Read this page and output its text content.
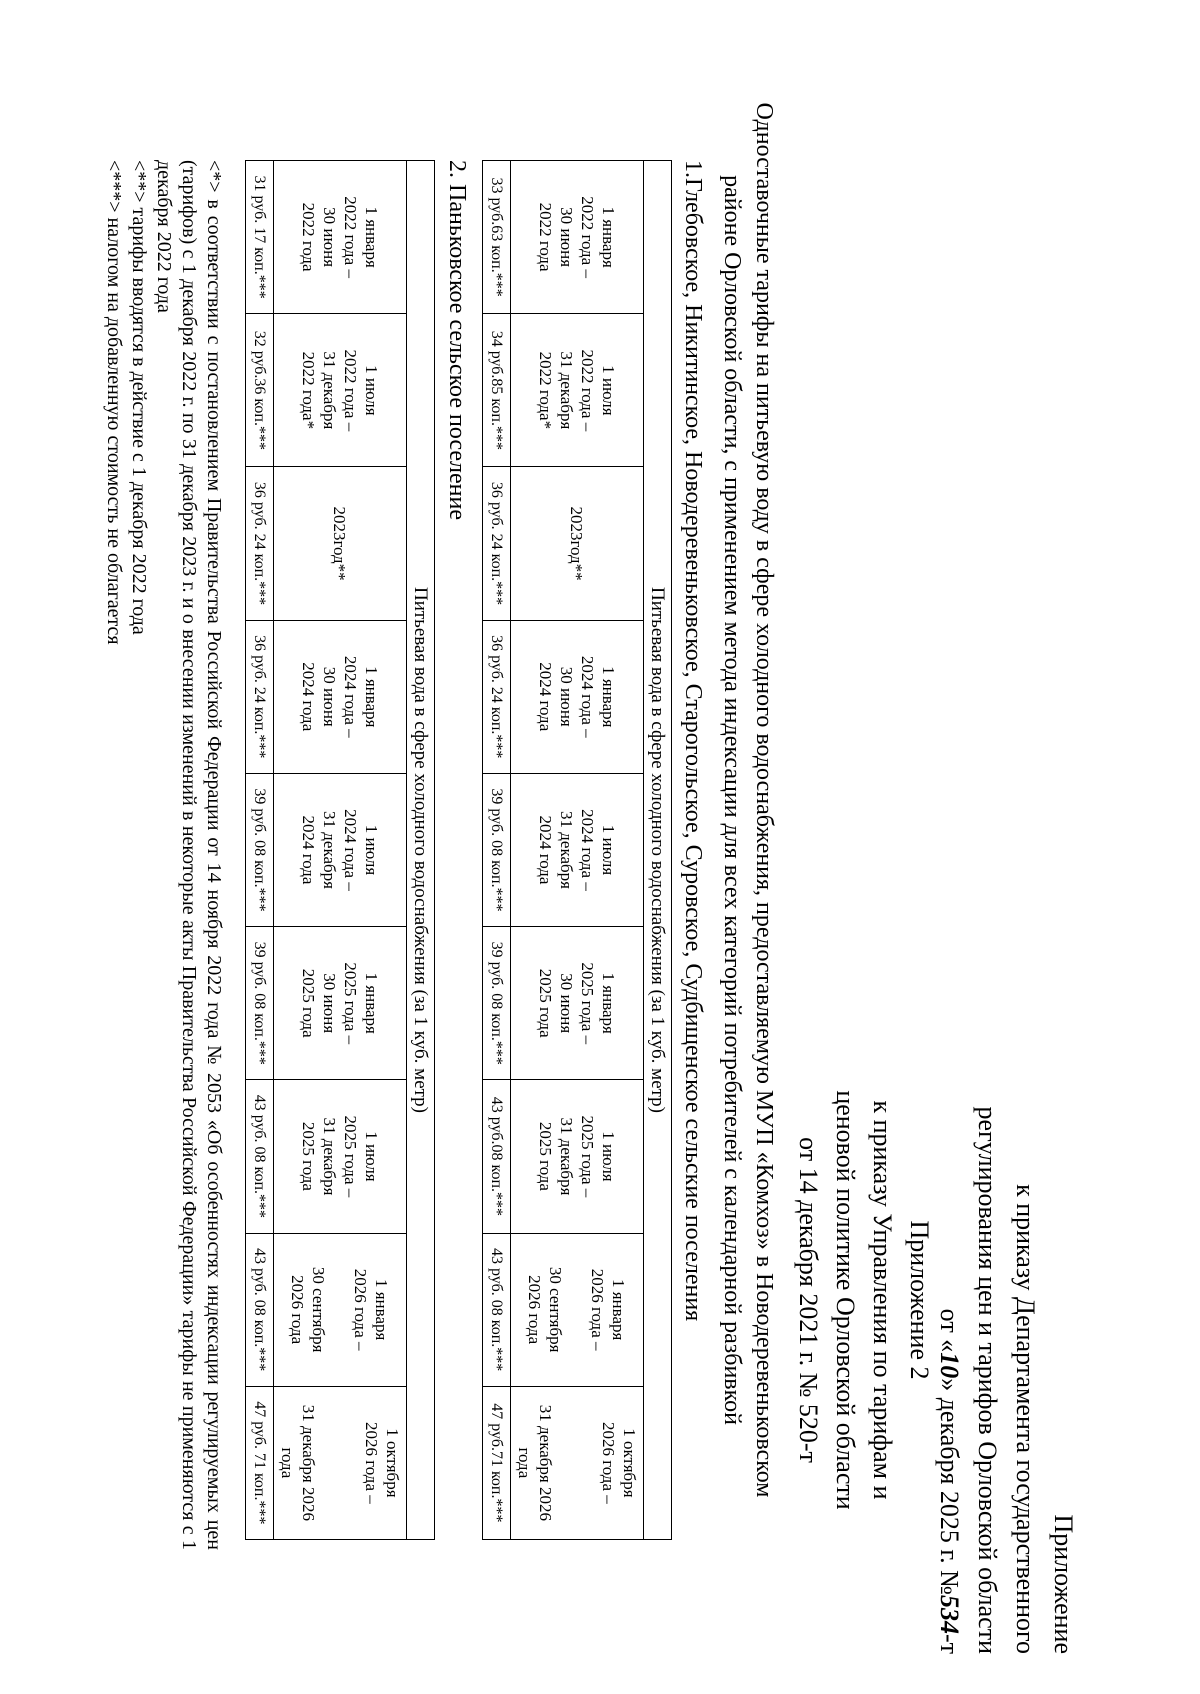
Приложение
к приказу Департамента государственного
регулирования цен и тарифов Орловской области
от «10» декабря 2025 г. №534-т
Приложение 2
к приказу Управления по тарифам и
ценовой политике Орловской области
от 14 декабря 2021 г. № 520-т
Одноставочные тарифы на питьевую воду в сфере холодного водоснабжения, предоставляемую МУП «Комхоз» в Новодеревеньковском
районе Орловской области, с применением метода индексации для всех категорий потребителей с календарной разбивкой
1.Глебовское, Никитинское, Новодеревеньковское, Старогольское, Суровское, Судбищенское сельские поселения
Питьевая вода в сфере холодного водоснабжения (за 1 куб. метр)								
1 января
2022 года –
30 июня
2022 года	1 июля
2022 года –
31 декабря
2022 года*	2023год**	1 января
2024 года –
30 июня
2024 года	1 июля
2024 года –
31 декабря
2024 года	1 января
2025 года –
30 июня
2025 года	1 июля
2025 года –
31 декабря
2025 года	1 января
2026 года –

30 сентября
2026 года	1 октября
2026 года –

31 декабря 2026
года
33 руб.63 коп.***	34 руб.85 коп.***	36 руб. 24 коп.***	36 руб. 24 коп.***	39 руб. 08 коп.***	39 руб. 08 коп.***	43 руб.08 коп.***	43 руб. 08 коп.***	47 руб.71 коп.***
2. Паньковское сельское поселение
Питьевая вода в сфере холодного водоснабжения (за 1 куб. метр)								
1 января
2022 года –
30 июня
2022 года	1 июля
2022 года –
31 декабря
2022 года*	2023год**	1 января
2024 года –
30 июня
2024 года	1 июля
2024 года –
31 декабря
2024 года	1 января
2025 года –
30 июня
2025 года	1 июля
2025 года –
31 декабря
2025 года	1 января
2026 года –

30 сентября
2026 года	1 октября
2026 года –

31 декабря 2026
года
31 руб. 17 коп.***	32 руб.36 коп.***	36 руб. 24 коп.***	36 руб. 24 коп.***	39 руб. 08 коп.***	39 руб. 08 коп.***	43 руб. 08 коп.***	43 руб. 08 коп.***	47 руб. 71 коп.***

<*> в соответствии с постановлением Правительства Российской Федерации от 14 ноября 2022 года № 2053 «Об особенностях индексации регулируемых цен (тарифов) с 1 декабря 2022 г. по 31 декабря 2023 г. и о внесении изменений в некоторые акты Правительства Российской Федерации» тарифы не применяются с 1 декабря 2022 года

<**> тарифы вводятся в действие с 1 декабря 2022 года

<***> налогом на добавленную стоимость не облагается
